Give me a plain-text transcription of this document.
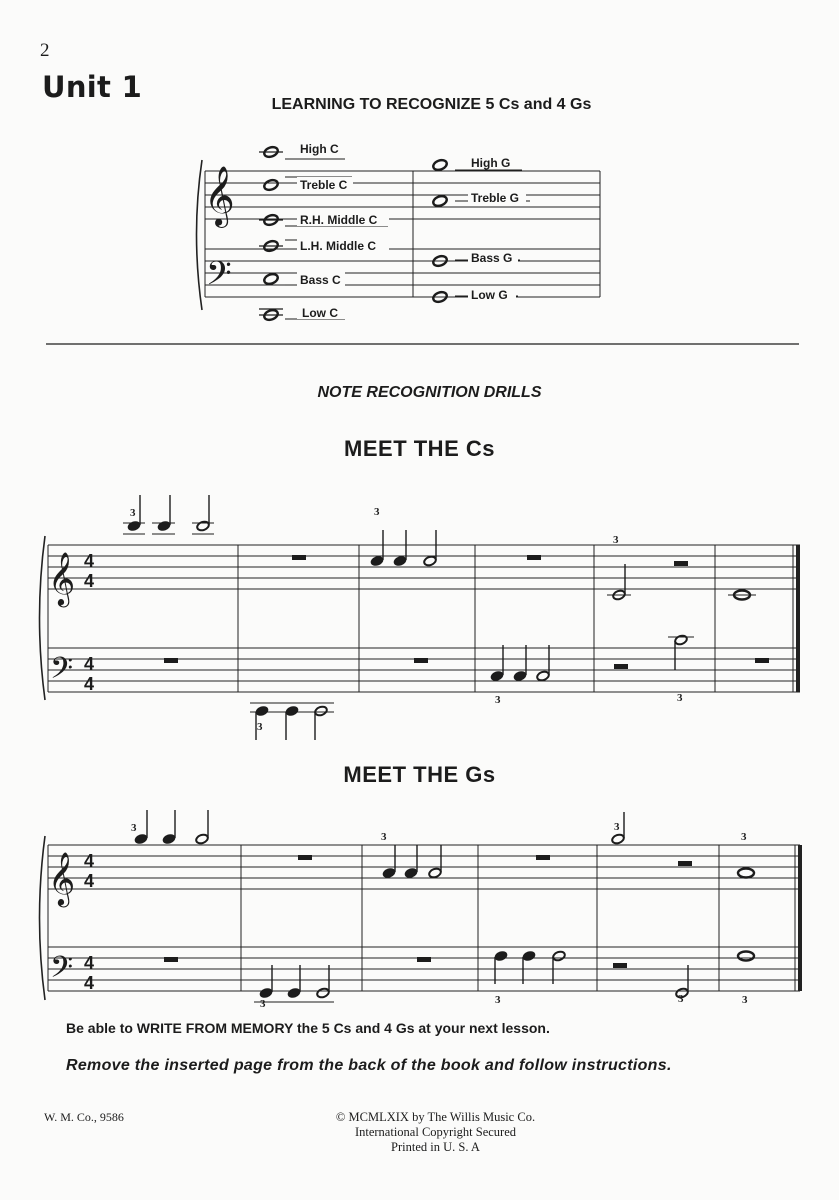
2
Unit 1
LEARNING TO RECOGNIZE 5 Cs and 4 Gs
𝄞
𝄢
High C
Treble C
R.H. Middle C
L.H. Middle C
Bass C
Low C
High G
Treble G
Bass G
Low G
NOTE RECOGNITION DRILLS
MEET THE Cs
𝄞
𝄢
4
4
4
4
3	3
3
3
3	3
MEET THE Gs
𝄞
𝄢
4
4
4
4
3
3
3
3
3	3	3	3
Be able to WRITE FROM MEMORY the 5 Cs and 4 Gs at your next lesson.
Remove the inserted page from the back of the book and follow instructions.
W. M. Co., 9586	© MCMLXIX by The Willis Music Co.
International Copyright Secured
Printed in U. S. A
